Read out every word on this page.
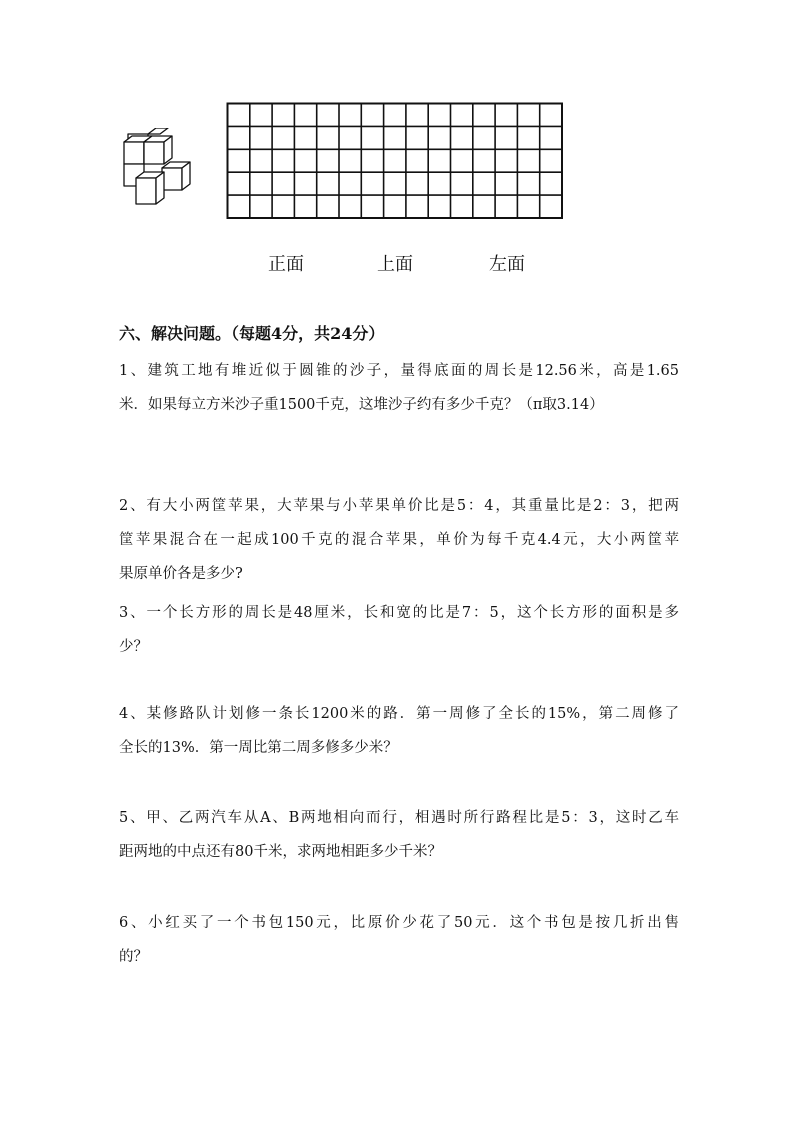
正面	上面	左面
六、解决问题。（每题4分，共24分）
1、建筑工地有堆近似于圆锥的沙子，量得底面的周长是12.56米，高是1.65
米．如果每立方米沙子重1500千克，这堆沙子约有多少千克？（π取3.14）
2、有大小两筐苹果，大苹果与小苹果单价比是5：4，其重量比是2：3，把两
筐苹果混合在一起成100千克的混合苹果，单价为每千克4.4元，大小两筐苹
果原单价各是多少?
3、一个长方形的周长是48厘米，长和宽的比是7：5，这个长方形的面积是多
少？
4、某修路队计划修一条长1200米的路．第一周修了全长的15%，第二周修了
全长的13%．第一周比第二周多修多少米？
5、甲、乙两汽车从A、B两地相向而行，相遇时所行路程比是5：3，这时乙车
距两地的中点还有80千米，求两地相距多少千米？
6、小红买了一个书包150元，比原价少花了50元．这个书包是按几折出售
的？
